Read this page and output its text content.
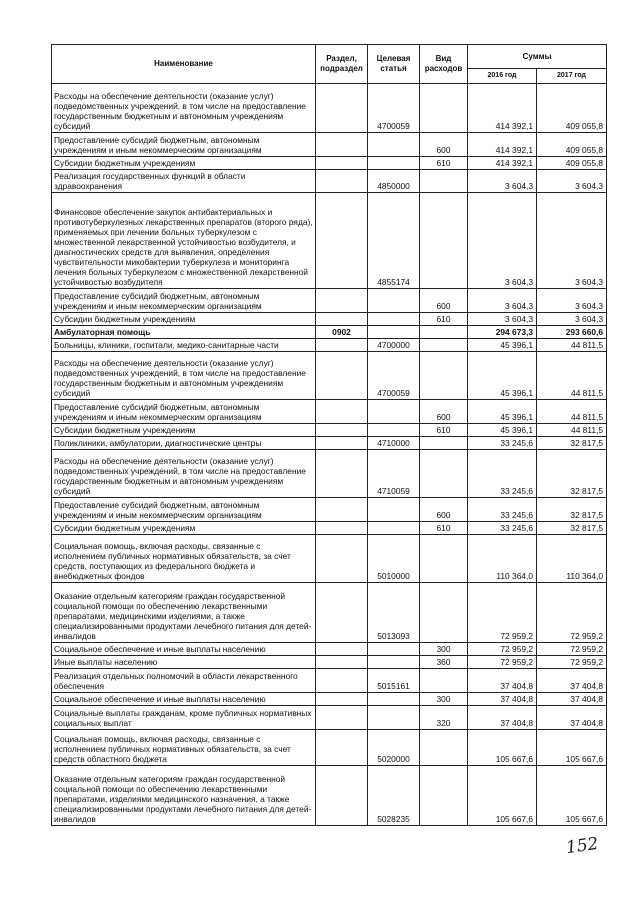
Наименование	Раздел, подраздел	Целевая статья	Вид расходов	Суммы	
				2016 год	2017 год
Расходы на обеспечение деятельности (оказание услуг) подведомственных учреждений, в том числе на предоставление государственным бюджетным и автономным учреждениям субсидий		4700059		414 392,1	409 055,8
Предоставление субсидий бюджетным, автономным учреждениям и иным некоммерческим организациям			600	414 392,1	409 055,8
Субсидии бюджетным учреждениям			610	414 392,1	409 055,8
Реализация государственных функций в области здравоохранения		4850000		3 604,3	3 604,3
Финансовое обеспечение закупок антибактериальных и противотуберкулезных лекарственных препаратов (второго ряда), применяемых при лечении больных туберкулезом с множественной лекарственной устойчивостью возбудителя, и диагностических средств для выявления, определения чувствительности микобактерии туберкулеза и мониторинга лечения больных туберкулезом с множественной лекарственной устойчивостью возбудителя		4855174		3 604,3	3 604,3
Предоставление субсидий бюджетным, автономным учреждениям и иным некоммерческим организациям			600	3 604,3	3 604,3
Субсидии бюджетным учреждениям			610	3 604,3	3 604,3
Амбулаторная помощь	0902			294 673,3	293 660,6
Больницы, клиники, госпитали, медико-санитарные части		4700000		45 396,1	44 811,5
Расходы на обеспечение деятельности (оказание услуг) подведомственных учреждений, в том числе на предоставление государственным бюджетным и автономным учреждениям субсидий		4700059		45 396,1	44 811,5
Предоставление субсидий бюджетным, автономным учреждениям и иным некоммерческим организациям			600	45 396,1	44 811,5
Субсидии бюджетным учреждениям			610	45 396,1	44 811,5
Поликлиники, амбулатории, диагностические центры		4710000		33 245,6	32 817,5
Расходы на обеспечение деятельности (оказание услуг) подведомственных учреждений, в том числе на предоставление государственным бюджетным и автономным учреждениям субсидий		4710059		33 245,6	32 817,5
Предоставление субсидий бюджетным, автономным учреждениям и иным некоммерческим организациям			600	33 245,6	32 817,5
Субсидии бюджетным учреждениям			610	33 245,6	32 817,5
Социальная помощь, включая расходы, связанные с исполнением публичных нормативных обязательств, за счет средств, поступающих из федерального бюджета и внебюджетных фондов		5010000		110 364,0	110 364,0
Оказание отдельным категориям граждан государственной социальной помощи по обеспечению лекарственными препаратами, медицинскими изделиями, а также специализированными продуктами лечебного питания для детей-инвалидов		5013093		72 959,2	72 959,2
Социальное обеспечение и иные выплаты населению			300	72 959,2	72 959,2
Иные выплаты населению			360	72 959,2	72 959,2
Реализация отдельных полномочий в области лекарственного обеспечения		5015161		37 404,8	37 404,8
Социальное обеспечение и иные выплаты населению			300	37 404,8	37 404,8
Социальные выплаты гражданам, кроме публичных нормативных социальных выплат			320	37 404,8	37 404,8
Социальная помощь, включая расходы, связанные с исполнением публичных нормативных обязательств, за счет средств областного бюджета		5020000		105 667,6	105 667,6
Оказание отдельным категориям граждан государственной социальной помощи по обеспечению лекарственными препаратами, изделиями медицинского назначения, а также специализированными продуктами лечебного питания для детей-инвалидов		5028235		105 667,6	105 667,6
152
